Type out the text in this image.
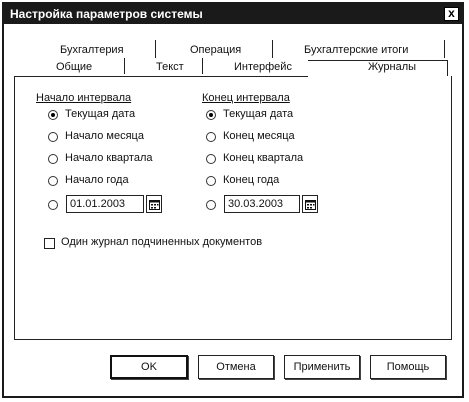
Настройка параметров системы	x
Бухгалтерия	Операция	Бухгалтерские итоги
Общие	Текст	Интерфейс	Журналы
Начало интервала
Текущая дата
Начало месяца
Начало квартала
Начало года
01.01.2003
Конец интервала
Текущая дата
Конец месяца
Конец квартала
Конец года
30.03.2003
Один журнал подчиненных документов
OK	Отмена	Применить	Помощь
